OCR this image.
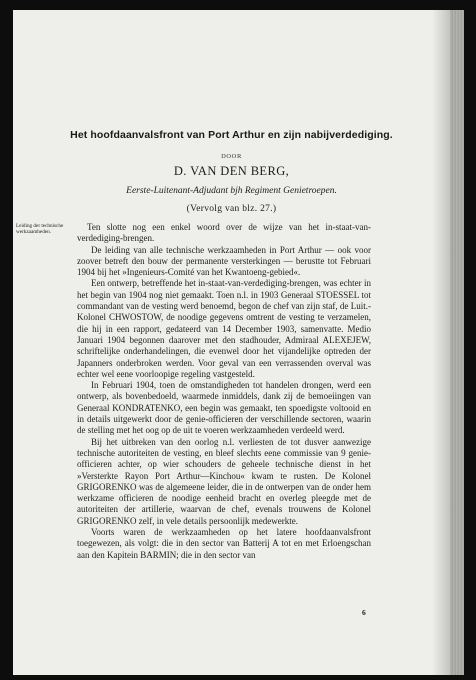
Het hoofdaanvalsfront van Port Arthur en zijn nabijverdediging.
DOOR
D. VAN DEN BERG,
Eerste-Luitenant-Adjudant bjh Regiment Genietroepen.
(Vervolg van blz. 27.)
Leiding der technische werkzaamheden.	Ten slotte nog een enkel woord over de wijze van het in-staat-van-verdediging-brengen.

De leiding van alle technische werkzaamheden in Port Arthur — ook voor zoover betreft den bouw der permanente versterkingen — berustte tot Februari 1904 bij het »Ingenieurs-Comité van het Kwantoeng-gebied«.

Een ontwerp, betreffende het in-staat-van-verdediging-brengen, was echter in het begin van 1904 nog niet gemaakt. Toen n.l. in 1903 Generaal STOESSEL tot commandant van de vesting werd benoemd, begon de chef van zijn staf, de Luit.-Kolonel CHWOSTOW, de noodige gegevens omtrent de vesting te verzamelen, die hij in een rapport, gedateerd van 14 December 1903, samenvatte. Medio Januari 1904 begonnen daarover met den stadhouder, Admiraal ALEXEJEW, schriftelijke onderhandelingen, die evenwel door het vijandelijke optreden der Japanners onderbroken werden. Voor geval van een verrassenden overval was echter wel eene voorloopige regeling vastgesteld.

In Februari 1904, toen de omstandigheden tot handelen drongen, werd een ontwerp, als bovenbedoeld, waarmede inmiddels, dank zij de bemoeiingen van Generaal KONDRATENKO, een begin was gemaakt, ten spoedigste voltooid en in details uitgewerkt door de genie-officieren der verschillende sectoren, waarin de stelling met het oog op de uit te voeren werkzaamheden verdeeld werd.

Bij het uitbreken van den oorlog n.l. verliesten de tot dusver aanwezige technische autoriteiten de vesting, en bleef slechts eene commissie van 9 genie-officieren achter, op wier schouders de geheele technische dienst in het »Versterkte Rayon Port Arthur—Kinchou« kwam te rusten. De Kolonel GRIGORENKO was de algemeene leider, die in de ontwerpen van de onder hem werkzame officieren de noodige eenheid bracht en overleg pleegde met de autoriteiten der artillerie, waarvan de chef, evenals trouwens de Kolonel GRIGORENKO zelf, in vele details persoonlijk medewerkte.

Voorts waren de werkzaamheden op het latere hoofdaanvalsfront toegewezen, als volgt: die in den sector van Batterij A tot en met Erloengschan aan den Kapitein BARMIN; die in den sector van

6
